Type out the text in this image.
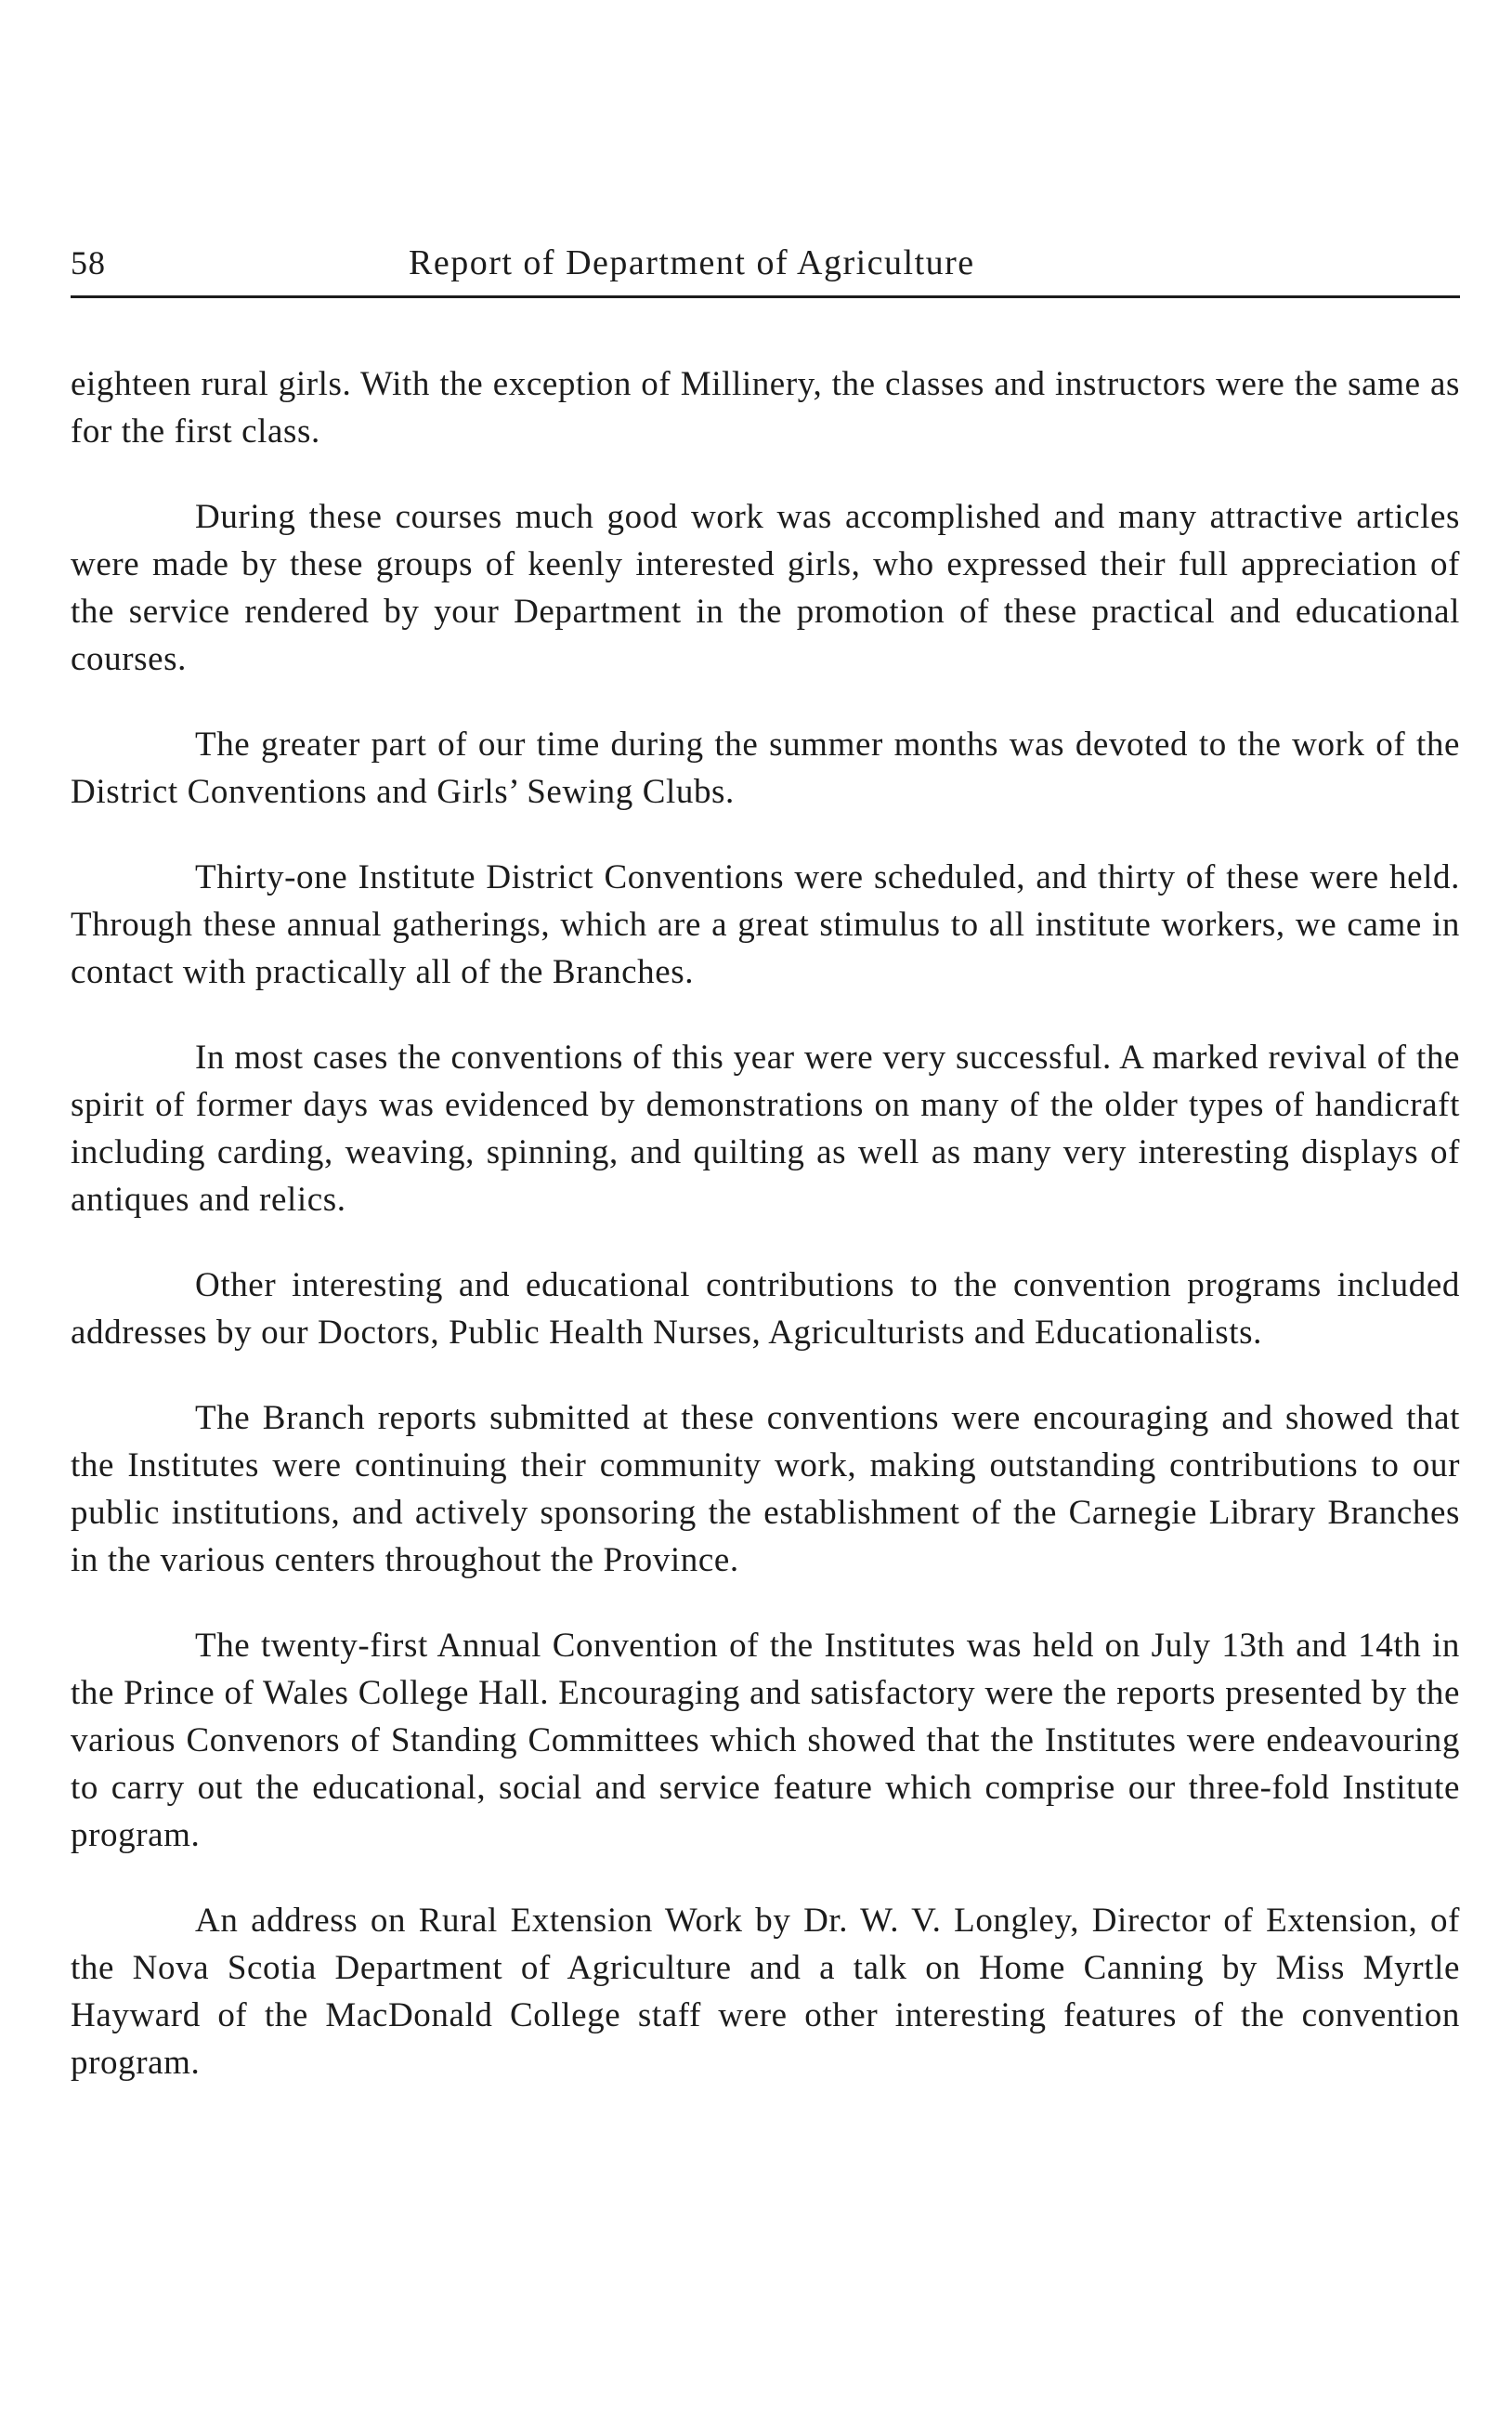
58	Report of Department of Agriculture

eighteen rural girls. With the exception of Millinery, the classes and instructors were the same as for the first class.

During these courses much good work was accomplished and many attractive articles were made by these groups of keenly interested girls, who expressed their full appreciation of the service rendered by your Department in the promotion of these practical and educational courses.

The greater part of our time during the summer months was devoted to the work of the District Conventions and Girls’ Sewing Clubs.

Thirty-one Institute District Conventions were scheduled, and thirty of these were held. Through these annual gatherings, which are a great stimulus to all institute workers, we came in contact with practically all of the Branches.

In most cases the conventions of this year were very successful. A marked revival of the spirit of former days was evidenced by demonstrations on many of the older types of handicraft including carding, weaving, spinning, and quilting as well as many very interesting displays of antiques and relics.

Other interesting and educational contributions to the convention programs included addresses by our Doctors, Public Health Nurses, Agriculturists and Educationalists.

The Branch reports submitted at these conventions were encouraging and showed that the Institutes were continuing their community work, making outstanding contributions to our public institutions, and actively sponsoring the establishment of the Carnegie Library Branches in the various centers throughout the Province.

The twenty-first Annual Convention of the Institutes was held on July 13th and 14th in the Prince of Wales College Hall. Encouraging and satisfactory were the reports presented by the various Convenors of Standing Committees which showed that the Institutes were endeavouring to carry out the educational, social and service feature which comprise our three-fold Institute program.

An address on Rural Extension Work by Dr. W. V. Longley, Director of Extension, of the Nova Scotia Department of Agriculture and a talk on Home Canning by Miss Myrtle Hayward of the MacDonald College staff were other interesting features of the convention program.
